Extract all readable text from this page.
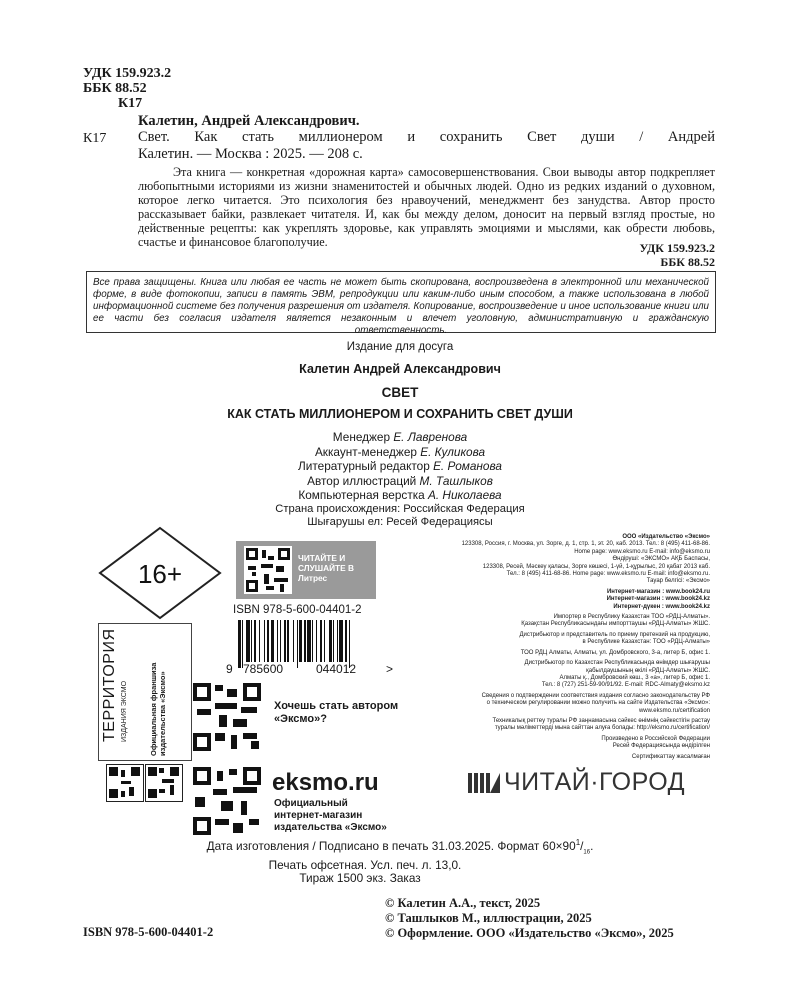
УДК 159.923.2
ББК 88.52
К17
Калетин, Андрей Александрович.
К17 Свет. Как стать миллионером и сохранить Свет души / Андрей
Калетин. — Москва : 2025. — 208 с.
Эта книга — конкретная «дорожная карта» самосовершенствования. Свои выводы автор подкрепляет любопытными историями из жизни знаменитостей и обычных людей. Одно из редких изданий о духовном, которое легко читается. Это психология без нравоучений, менеджмент без занудства. Автор просто рассказывает байки, развлекает читателя. И, как бы между делом, доносит на первый взгляд простые, но действенные рецепты: как укреплять здоровье, как управлять эмоциями и мыслями, как обрести любовь, счастье и финансовое благополучие.	УДК 159.923.2
ББК 88.52
Все права защищены. Книга или любая ее часть не может быть скопирована, воспроизведена в электронной или механической форме, в виде фотокопии, записи в память ЭВМ, репродукции или каким-либо иным способом, а также использована в любой информационной системе без получения разрешения от издателя. Копирование, воспроизведение и иное использование книги или ее части без согласия издателя является незаконным и влечет уголовную, административную и гражданскую ответственность.
Издание для досуга
Калетин Андрей Александрович
СВЕТ
КАК СТАТЬ МИЛЛИОНЕРОМ И СОХРАНИТЬ СВЕТ ДУШИ
Менеджер Е. Лавренова
Аккаунт-менеджер Е. Куликова
Литературный редактор Е. Романова
Автор иллюстраций М. Ташлыков
Компьютерная верстка А. Николаева
Страна происхождения: Российская Федерация
Шығарушы ел: Ресей Федерациясы
16+
ЧИТАЙТЕ И СЛУШАЙТЕ В Литрес
ISBN 978-5-600-04401-2
9 785600	044012 >
ТЕРРИТОРИЯ ИЗДАНИЯ ЭКСМО	Официальная франшиза издательства «Эксмо»	Хочешь стать автором «Эксмо»?
eksmo.ru
Официальный интернет-магазин издательства «Эксмо»
ООО «Издательство «Эксмо»
123308, Россия, г. Москва, ул. Зорге, д. 1, стр. 1, эт. 20, каб. 2013. Тел.: 8 (495) 411-68-86.
Home page: www.eksmo.ru E-mail: info@eksmo.ru
Өндіруші: «ЭКСМО» АҚБ Баспасы,
123308, Ресей, Мәскеу қаласы, Зорге көшесі, 1-үй, 1-құрылыс, 20 қабат 2013 каб.
Тел.: 8 (495) 411-68-86. Home page: www.eksmo.ru E-mail: info@eksmo.ru.
Тауар белгісі: «Эксмо»
Интернет-магазин : www.book24.ru
Интернет-магазин : www.book24.kz
Интернет-дүкен : www.book24.kz
Импортер в Республику Казахстан ТОО «РДЦ-Алматы».
Қазақстан Республикасындағы импорттаушы «РДЦ-Алматы» ЖШС.
Дистрибьютор и представитель по приему претензий на продукцию,
в Республике Казахстан: ТОО «РДЦ-Алматы»
ТОО РДЦ Алматы, Алматы, ул. Домбровского, 3-а, литер Б, офис 1.
Дистрибьютор по Казахстан Республикасында өнімдер шығарушы
қабылдаушының өкілі «РДЦ-Алматы» ЖШС.
Алматы қ., Домбровский көш., 3 «а», литер Б, офис 1.
Тел.: 8 (727) 251-59-90/91/92. E-mail: RDC-Almaty@eksmo.kz
Сведения о подтверждении соответствия издания согласно законодательству РФ
о техническом регулировании можно получить на сайте Издательства «Эксмо»:
www.eksmo.ru/certification
Техникалық реттеу туралы РФ заңнамасына сәйкес өнімнің сәйкестігін растау
туралы мәліметтерді мына сайттан алуға болады: http://eksmo.ru/certification/
Произведено в Российской Федерации
Ресей Федерациясында өндірілген
Сертификаттау жасалмаған
ЧИТАЙ·ГОРОД
Дата изготовления / Подписано в печать 31.03.2025. Формат $60\times 90^1/_{16}$.
Печать офсетная. Усл. печ. л. 13,0.
Тираж 1500 экз. Заказ
© Калетин А.А., текст, 2025
© Ташлыков М., иллюстрации, 2025
© Оформление. ООО «Издательство «Эксмо», 2025
ISBN 978-5-600-04401-2
